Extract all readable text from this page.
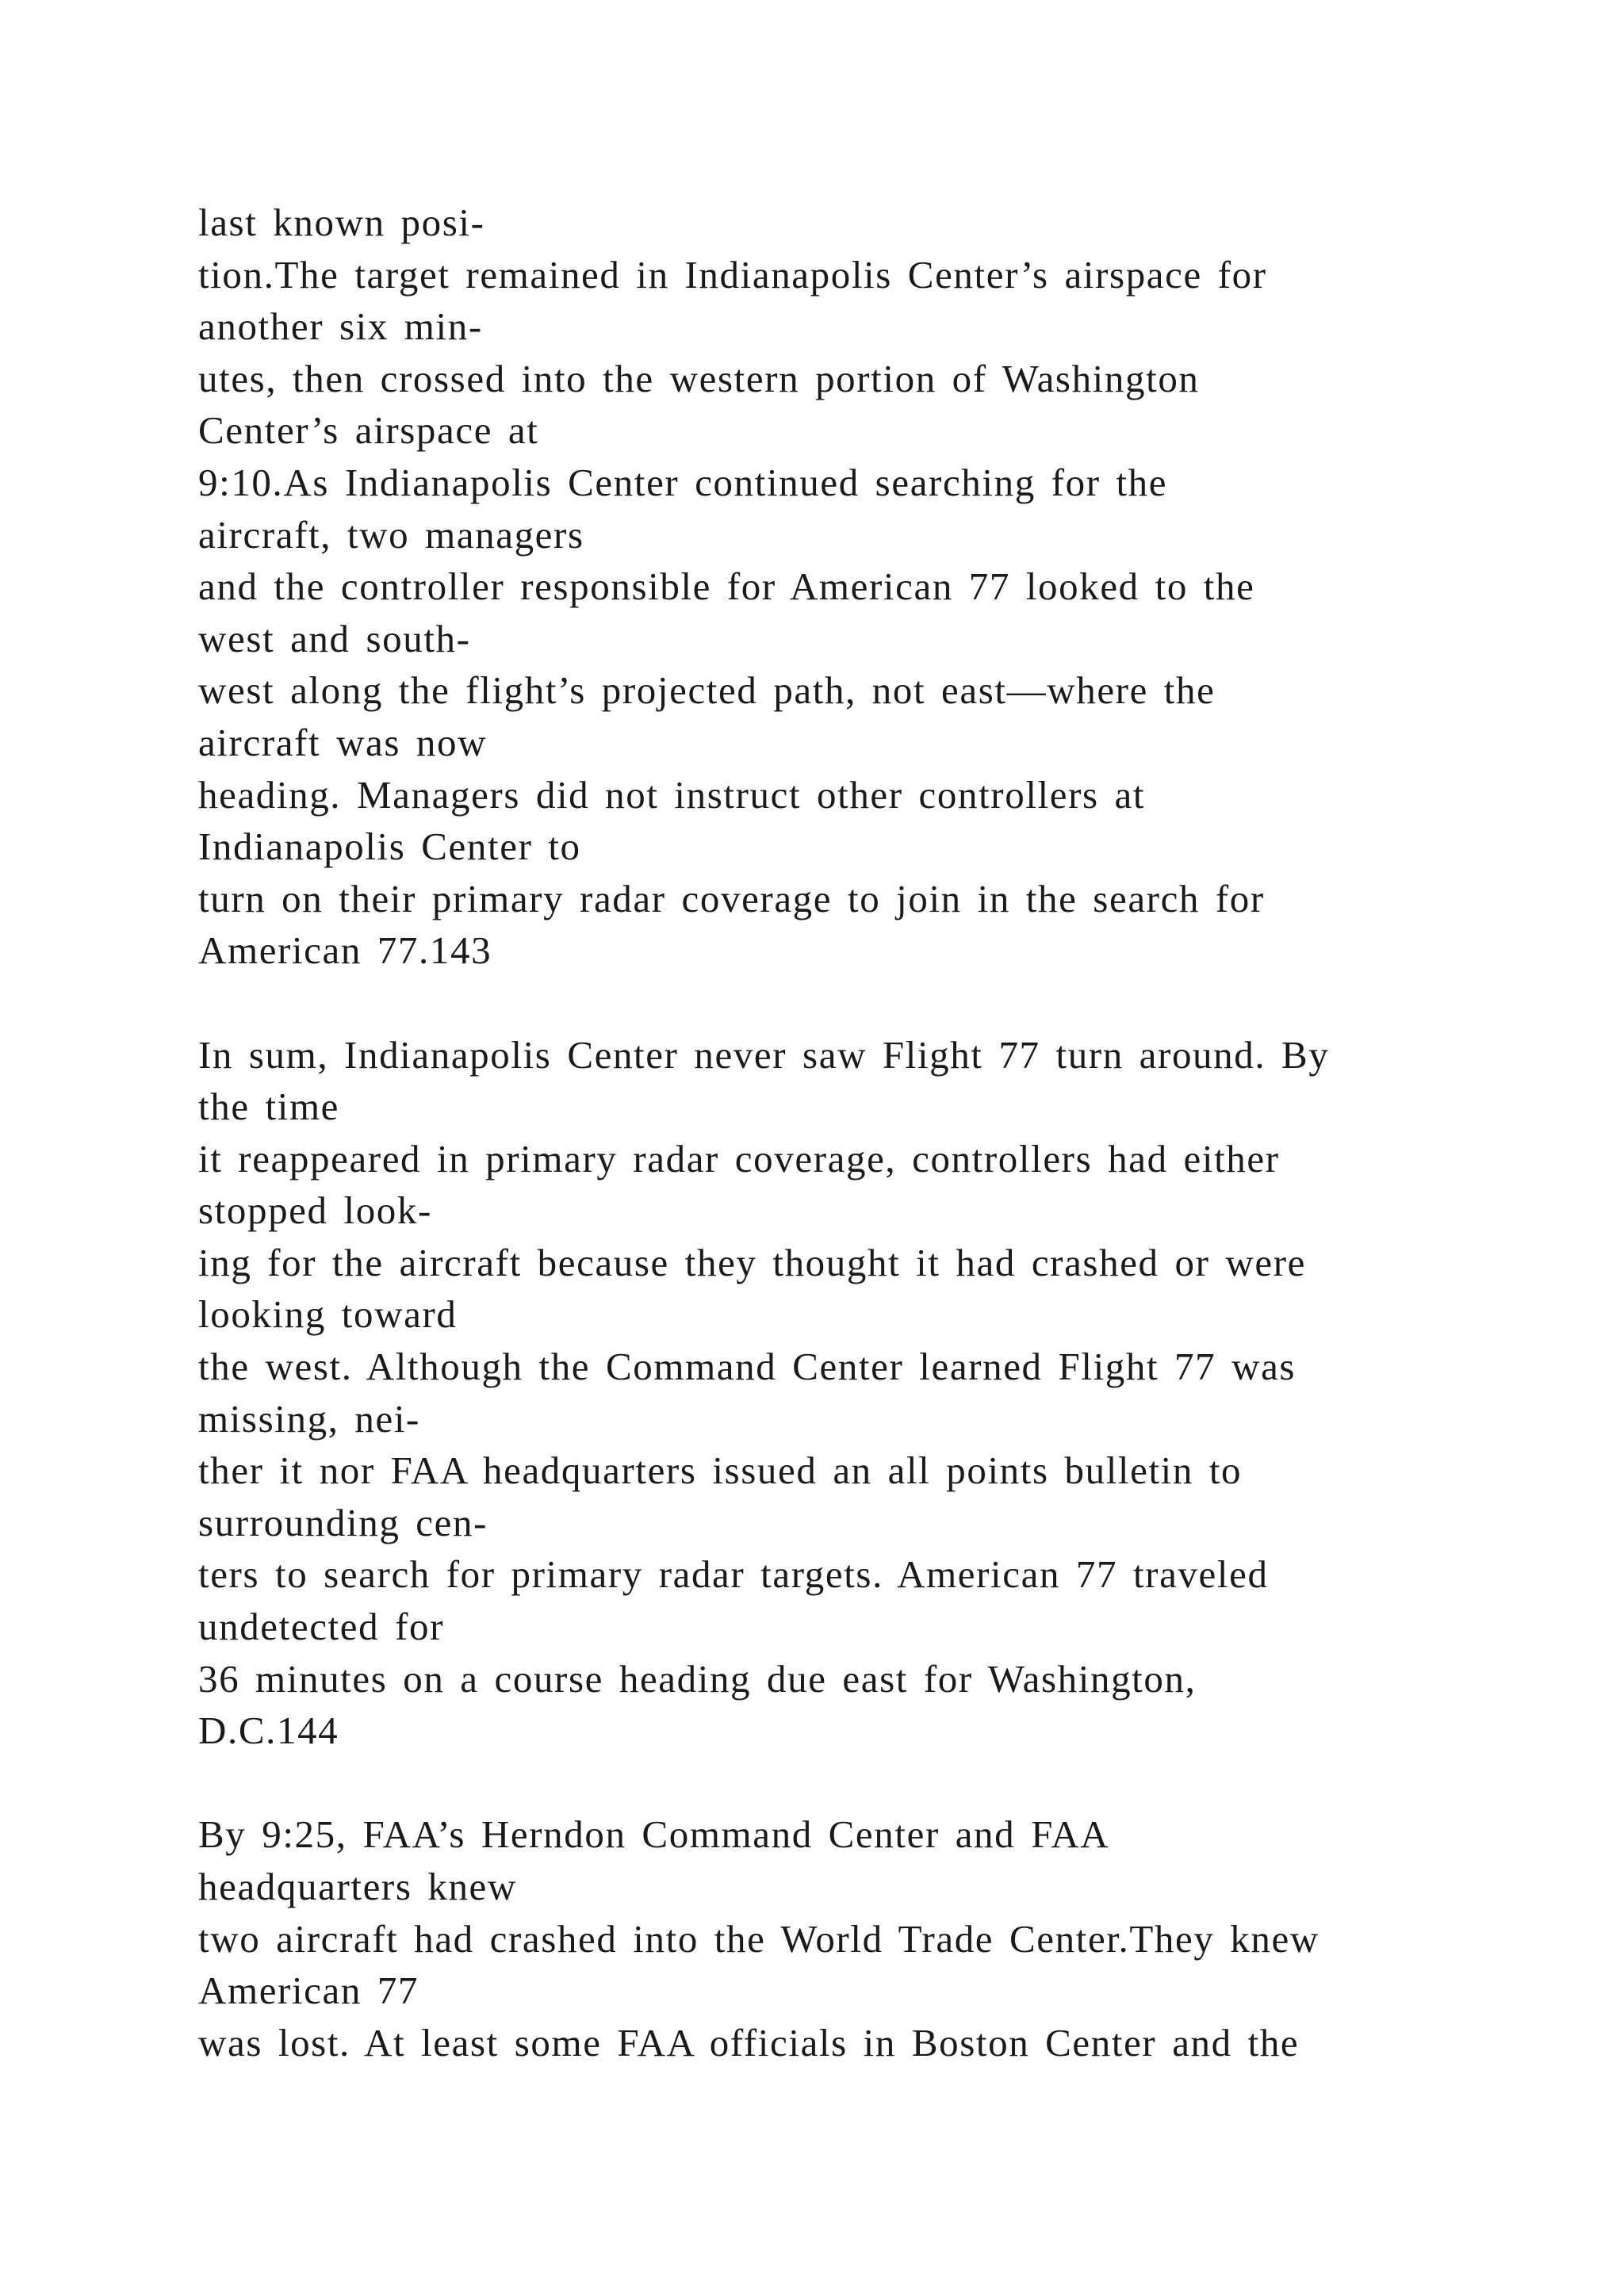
last known posi-
tion.The target remained in Indianapolis Center’s airspace for
another six min-
utes, then crossed into the western portion of Washington
Center’s airspace at
9:10.As Indianapolis Center continued searching for the
aircraft, two managers
and the controller responsible for American 77 looked to the
west and south-
west along the flight’s projected path, not east—where the
aircraft was now
heading. Managers did not instruct other controllers at
Indianapolis Center to
turn on their primary radar coverage to join in the search for
American 77.143

In sum, Indianapolis Center never saw Flight 77 turn around. By
the time
it reappeared in primary radar coverage, controllers had either
stopped look-
ing for the aircraft because they thought it had crashed or were
looking toward
the west. Although the Command Center learned Flight 77 was
missing, nei-
ther it nor FAA headquarters issued an all points bulletin to
surrounding cen-
ters to search for primary radar targets. American 77 traveled
undetected for
36 minutes on a course heading due east for Washington,
D.C.144

By 9:25, FAA’s Herndon Command Center and FAA
headquarters knew
two aircraft had crashed into the World Trade Center.They knew
American 77
was lost. At least some FAA officials in Boston Center and the
